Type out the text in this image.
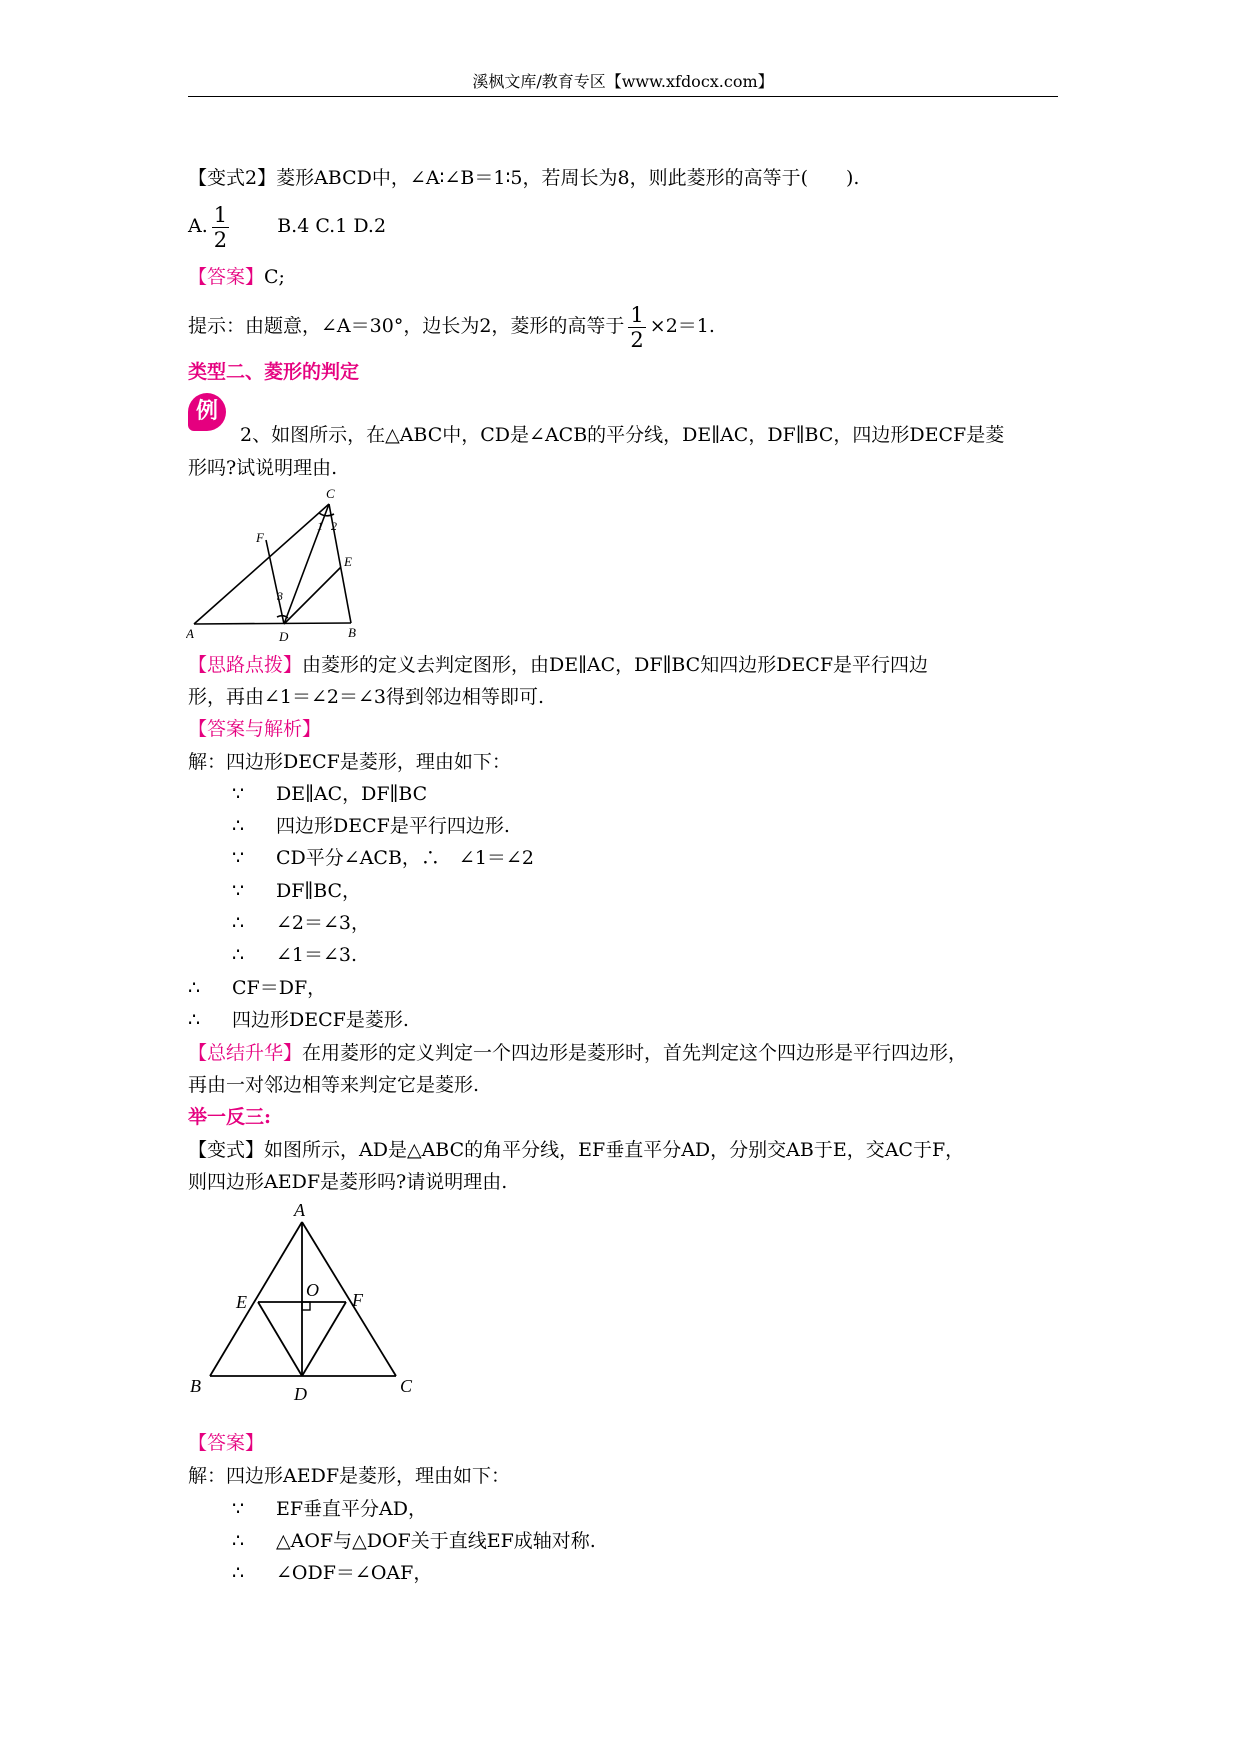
溪枫文库/教育专区【www.xfdocx.com】
【变式2】菱形ABCD中，∠A∶∠B＝1∶5，若周长为8，则此菱形的高等于(　　).
A. $\frac{1}{2}$	B.4 C.1 D.2
【答案】C;
提示：由题意，∠A＝30°，边长为2，菱形的高等于 $\frac{1}{2} \times 2=1$.
类型二、菱形的判定
例
2、如图所示，在△ABC中，CD是∠ACB的平分线，DE∥AC，DF∥BC，四边形DECF是菱
形吗?试说明理由.
A	B
C
D
E
F
1 2
3
【思路点拨】由菱形的定义去判定图形，由DE∥AC，DF∥BC知四边形DECF是平行四边
形，再由∠1＝∠2＝∠3得到邻边相等即可.
【答案与解析】
解：四边形DECF是菱形，理由如下：
∵ DE∥AC，DF∥BC
∴ 四边形DECF是平行四边形.
∵ CD平分∠ACB，∴　∠1＝∠2
∵ DF∥BC，
∴ ∠2＝∠3，
∴ ∠1＝∠3.
∴ CF＝DF，
∴ 四边形DECF是菱形.
【总结升华】在用菱形的定义判定一个四边形是菱形时，首先判定这个四边形是平行四边形，
再由一对邻边相等来判定它是菱形.
举一反三:
【变式】如图所示，AD是△ABC的角平分线，EF垂直平分AD，分别交AB于E，交AC于F，
则四边形AEDF是菱形吗?请说明理由.
A
B	C
D
E	F
O
【答案】
解：四边形AEDF是菱形，理由如下：
∵ EF垂直平分AD，
∴ △AOF与△DOF关于直线EF成轴对称.
∴ ∠ODF＝∠OAF，
